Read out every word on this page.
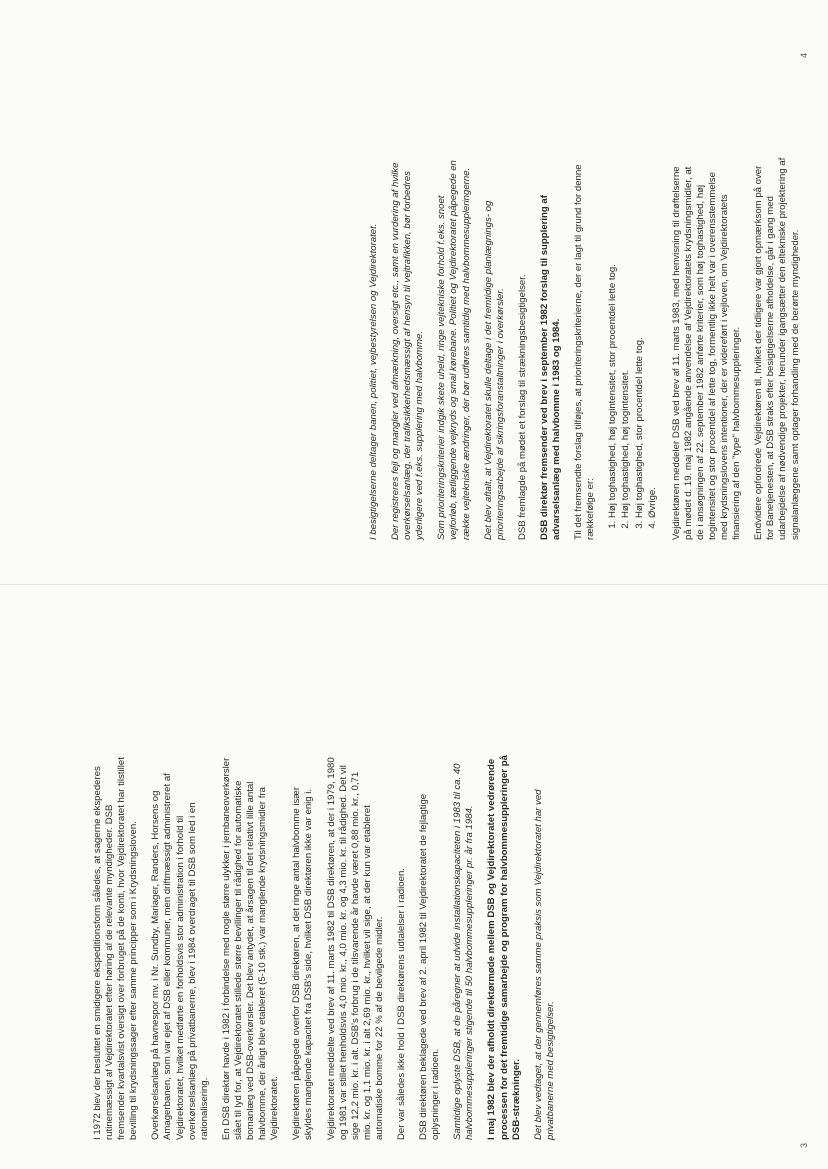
I 1972 blev der besluttet en smidigere ekspeditionsform således, at sagerne ekspederes
rutinemæssigt af Vejdirektoratet efter høring af de relevante myndigheder. DSB
fremsender kvartalsvist oversigt over forbruget på de konti, hvor Vejdirektoratet har tilstillet
bevilling til krydsningssager efter samme principper som i Krydsningsloven.

Overkørselsanlæg på havnespor mv. i Nr. Sundby, Mariager, Randers, Horsens og
Amagerbanen, som var ejet af DSB eller kommuner, men driftmæssigt administreret af
Vejdirektoratet, hvilket medførte en forholdsvis stor administration i forhold til
overkørselsanlæg på privatbanerne, blev i 1984 overdraget til DSB som led i en
rationalisering. En DSB direktør havde i 1982 i forbindelse med nogle større ulykker i jernbaneoverkørsler
slået til lyd for, at Vejdirektoratet stillede større bevillinger til rådighed for automatiske
bomanlæg ved DSB-overkørsler. Det blev antydet, at årsagen til det relativt lille antal
halvbomme, der årligt blev etableret (5-10 stk.) var manglende krydsningsmidler fra
Vejdirektoratet. Vejdirektøren påpegede overfor DSB direktøren, at det ringe antal halvbomme især
skyldes manglende kapacitet fra DSB's side, hvilket DSB direktøren ikke var enig i.

Vejdirektoratet meddelte ved brev af 11. marts 1982 til DSB direktøren, at der i 1979, 1980
og 1981 var stillet henholdsvis 4,0 mio. kr., 4,0 mio. kr. og 4,3 mio. kr. til rådighed. Det vil
sige 12,2 mio. kr. i alt. DSB's forbrug i de tilsvarende år havde været 0,88 mio. kr., 0,71
mio. kr. og 1,1 mio. kr. i alt 2,69 mio. kr., hvilket vil sige, at der kun var etableret
automatiske bomme for 22 % af de bevilgede midler. Der var således ikke hold i DSB direktørens udtalelser i radioen. DSB direktøren beklagede ved brev af 2. april 1982 til Vejdirektoratet de fejlagtige
oplysninger i radioen.

Samtidige oplyste DSB, at de påregner at udvide installationskapaciteten i 1983 til ca. 40
halvbommesuppleringer stigende til 50 halvbommesuppleringer pr. år fra 1984.

I maj 1982 blev der afholdt direktørmøde mellem DSB og Vejdirektoratet vedrørende
processen for det fremtidige samarbejde og program for halvbommesuppleringer på
DSB-strækninger. Det blev vedtaget, at der gennemføres samme praksis som Vejdirektoratet har ved
privatbanerne med besigtigelser.

I besigtigelserne deltager banen, politiet, vejbestyrelsen og Vejdirektoratet. Der registreres fejl og mangler ved afmærkning, oversigt etc., samt en vurdering af hvilke
overkørselsanlæg, der trafiksikkerhedsmæssigt af hensyn til vejtrafikken, bør forbedres
yderligere ved f.eks. supplering med halvbomme.

Som prioriteringskriterier indgik skete uheld, ringe vejtekniske forhold f.eks. snoet
vejforløb, tætliggende vejkryds og smal kørebane. Politiet og Vejdirektoratet påpegede en
række vejtekniske ændringer, der bør udføres samtidig med halvbommesuppleringerne.

Det blev aftalt, at Vejdirektoratet skulle deltage i det fremtidige planlægnings- og
prioriteringsarbejde af sikringsforanstaltninger i overkørsler. DSB fremlagde på mødet et forslag til strækningsbesigtigelser. DSB direktør fremsender ved brev i september 1982 forslag til supplering af
advarselsanlæg med halvbomme i 1983 og 1984.

Til det fremsendte forslag tilføjes, at prioriteringskriterierne, der er lagt til grund for denne
rækkefølge er: 1. Høj toghastighed, høj togintensitet, stor procentdel lette tog. 2. Høj toghastighed, høj togintensitet. 3. Høj toghastighed, stor procentdel lette tog. 4. Øvrige. Vejdirektøren meddeler DSB ved brev af 11. marts 1983, med henvisning til drøftelserne
på mødet d. 19. maj 1982 angående anvendelse af Vejdirektoratets krydsningsmidler, at
de i ansøgningen af 22. september 1982 anførte kriterier, som høj toghastighed, høj
togintensitet og stor procentdel af lette tog, formentlig ikke helt var i overensstemmelse
med krydsningslovens intentioner, der er videreført i vejloven, om Vejdirektoratets
finansiering af den "type" halvbommesuppleringer.

Endvidere opfordrede Vejdirektøren til, hvilket der tidligere var gjort opmærksom på over
for Banetjenesten, at DSB straks efter besigtigelserne afholdelse, går i gang med
udarbejdelse af nødvendige projekter, herunder igangsætter den eltekniske projektering af
signalanlæggene samt optager forhandling med de berørte myndigheder.

3
4
